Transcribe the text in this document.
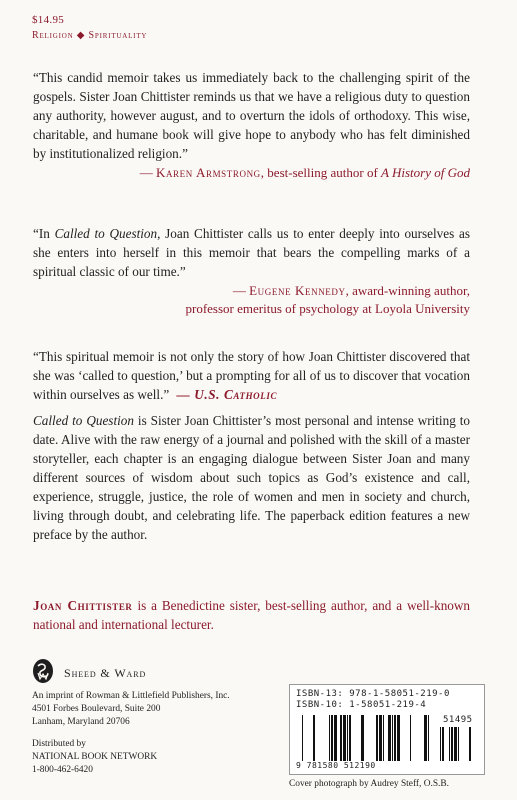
$14.95
Religion ◆ Spirituality
“This candid memoir takes us immediately back to the challenging spirit of the gospels. Sister Joan Chittister reminds us that we have a religious duty to question any authority, however august, and to overturn the idols of orthodoxy. This wise, charitable, and humane book will give hope to anybody who has felt diminished by institutionalized religion.”
— Karen Armstrong, best-selling author of A History of God
“In Called to Question, Joan Chittister calls us to enter deeply into ourselves as she enters into herself in this memoir that bears the compelling marks of a spiritual classic of our time.”
— Eugene Kennedy, award-winning author,
professor emeritus of psychology at Loyola University
“This spiritual memoir is not only the story of how Joan Chittister discovered that she was ‘called to question,’ but a prompting for all of us to discover that vocation within ourselves as well.” — U.S. Catholic
Called to Question is Sister Joan Chittister’s most personal and intense writing to date. Alive with the raw energy of a journal and polished with the skill of a master storyteller, each chapter is an engaging dialogue between Sister Joan and many different sources of wisdom about such topics as God’s existence and call, experience, struggle, justice, the role of women and men in society and church, living through doubt, and celebrating life. The paperback edition features a new preface by the author.
Joan Chittister is a Benedictine sister, best-selling author, and a well-known national and international lecturer.
Sheed & Ward
An imprint of Rowman & Littlefield Publishers, Inc.
4501 Forbes Boulevard, Suite 200
Lanham, Maryland 20706
Distributed by
NATIONAL BOOK NETWORK
1-800-462-6420
ISBN-13: 978-1-58051-219-0
ISBN-10: 1-58051-219-4
51495
9 781580 512190
Cover photograph by Audrey Steff, O.S.B.
